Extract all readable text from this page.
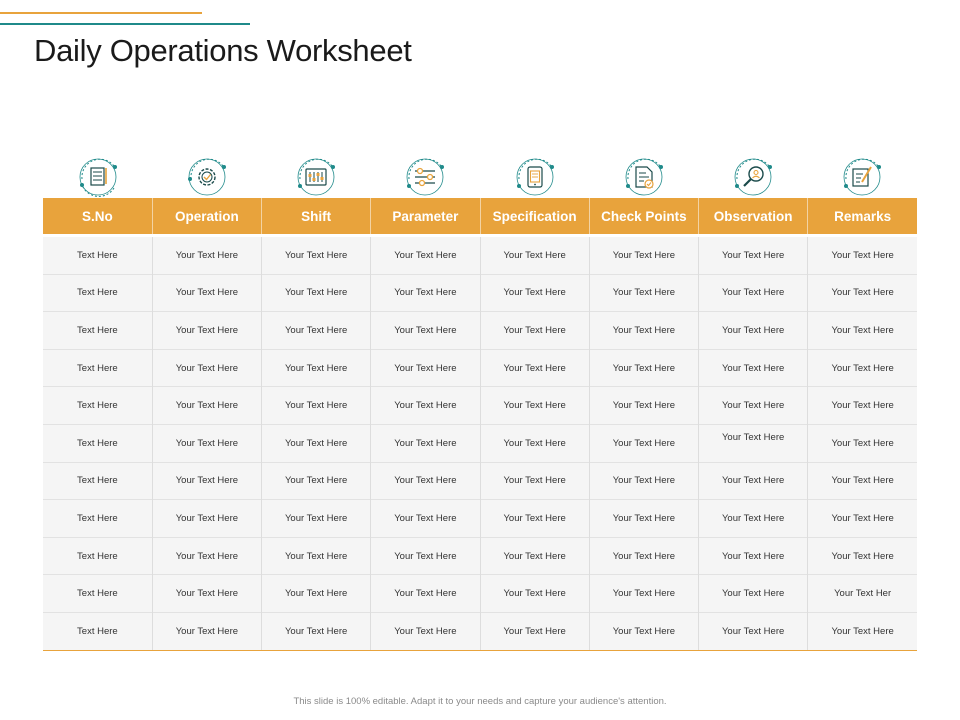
Daily Operations Worksheet
S.No	Operation	Shift	Parameter	Specification	Check Points	Observation	Remarks
Text Here	Your Text Here	Your Text Here	Your Text Here	Your Text Here	Your Text Here	Your Text Here	Your Text Here
Text Here	Your Text Here	Your Text Here	Your Text Here	Your Text Here	Your Text Here	Your Text Here	Your Text Here
Text Here	Your Text Here	Your Text Here	Your Text Here	Your Text Here	Your Text Here	Your Text Here	Your Text Here
Text Here	Your Text Here	Your Text Here	Your Text Here	Your Text Here	Your Text Here	Your Text Here	Your Text Here
Text Here	Your Text Here	Your Text Here	Your Text Here	Your Text Here	Your Text Here	Your Text Here	Your Text Here
Text Here	Your Text Here	Your Text Here	Your Text Here	Your Text Here	Your Text Here	Your Text Here	Your Text Here
Text Here	Your Text Here	Your Text Here	Your Text Here	Your Text Here	Your Text Here	Your Text Here	Your Text Here
Text Here	Your Text Here	Your Text Here	Your Text Here	Your Text Here	Your Text Here	Your Text Here	Your Text Here
Text Here	Your Text Here	Your Text Here	Your Text Here	Your Text Here	Your Text Here	Your Text Here	Your Text Here
Text Here	Your Text Here	Your Text Here	Your Text Here	Your Text Here	Your Text Here	Your Text Here	Your Text Her
Text Here	Your Text Here	Your Text Here	Your Text Here	Your Text Here	Your Text Here	Your Text Here	Your Text Here
This slide is 100% editable. Adapt it to your needs and capture your audience's attention.
